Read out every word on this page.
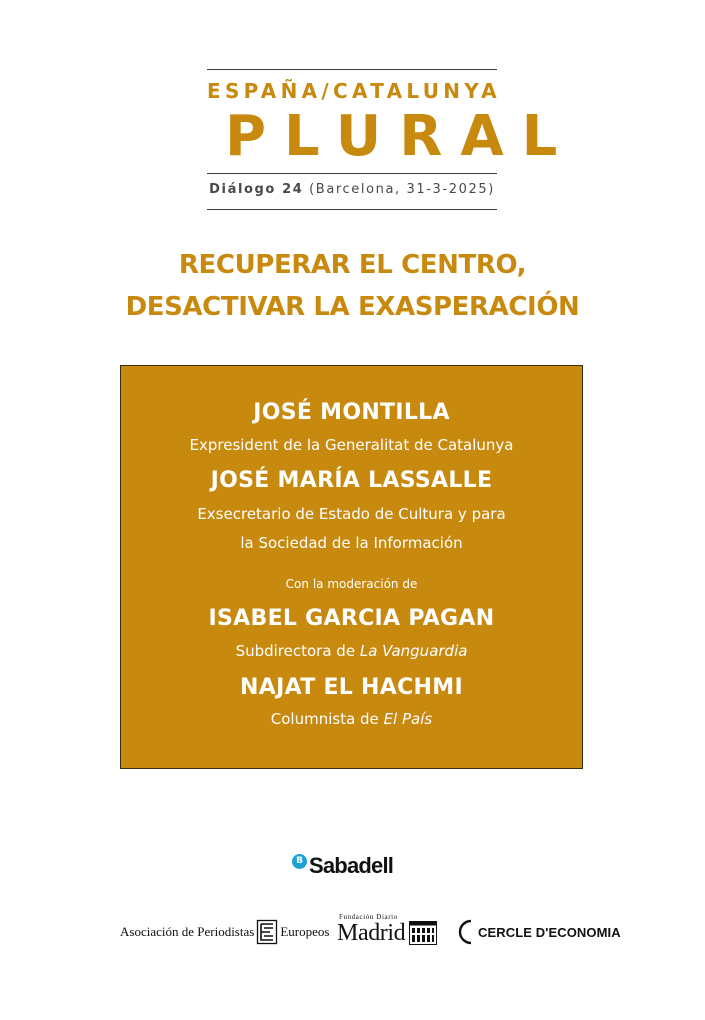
ESPAÑA/CATALUNYA
PLURAL
Diálogo 24 (Barcelona, 31-3-2025)
RECUPERAR EL CENTRO,
DESACTIVAR LA EXASPERACIÓN
JOSÉ MONTILLA
Expresident de la Generalitat de Catalunya
JOSÉ MARÍA LASSALLE
Exsecretario de Estado de Cultura y para
la Sociedad de la Información
Con la moderación de
ISABEL GARCIA PAGAN
Subdirectora de La Vanguardia
NAJAT EL HACHMI
Columnista de El País
B Sabadell
Asociación de Periodistas Europeos
Fundación Diario
Madrid	CERCLE D'ECONOMIA
